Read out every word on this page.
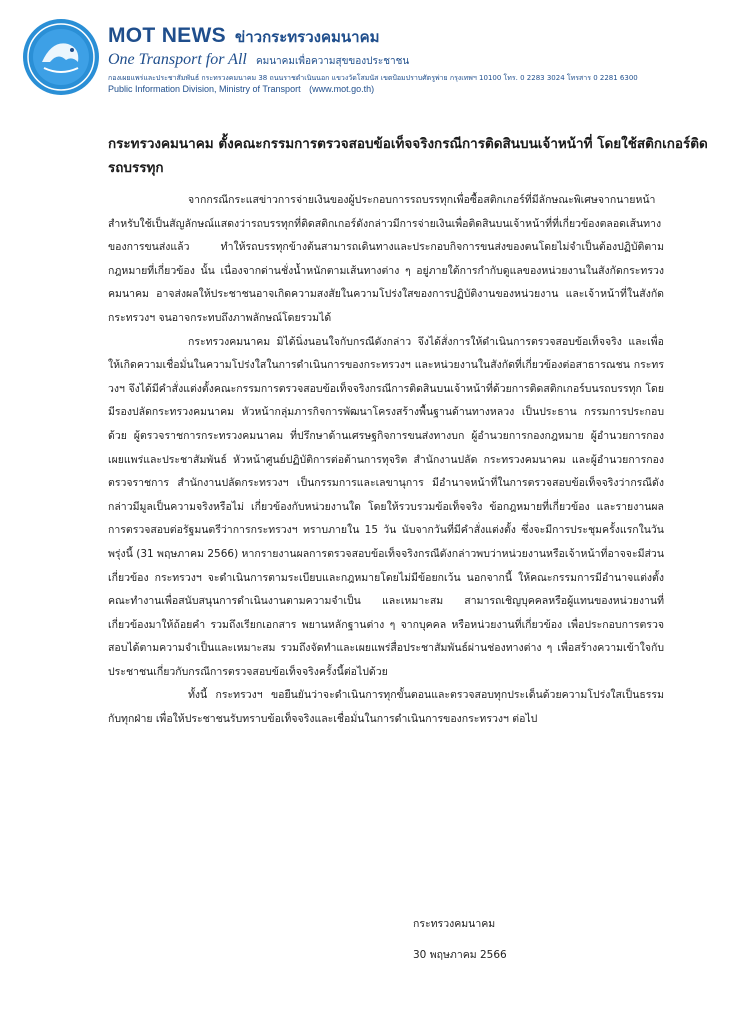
MOT NEWS ข่าวกระทรวงคมนาคม
One Transport for All คมนาคมเพื่อความสุขของประชาชน
กองเผยแพร่และประชาสัมพันธ์ กระทรวงคมนาคม 38 ถนนราชดำเนินนอก แขวงวัดโสมนัส เขตป้อมปราบศัตรูพ่าย กรุงเทพฯ 10100 โทร. 0 2283 3024 โทรสาร 0 2281 6300
Public Information Division, Ministry of Transport (www.mot.go.th)
กระทรวงคมนาคม ตั้งคณะกรรมการตรวจสอบข้อเท็จจริงกรณีการติดสินบนเจ้าหน้าที่ โดยใช้สติกเกอร์ติดรถบรรทุก

จากกรณีกระแสข่าวการจ่ายเงินของผู้ประกอบการรถบรรทุกเพื่อซื้อสติกเกอร์ที่มีลักษณะพิเศษจากนายหน้า สำหรับใช้เป็นสัญลักษณ์แสดงว่ารถบรรทุกที่ติดสติกเกอร์ดังกล่าวมีการจ่ายเงินเพื่อติดสินบนเจ้าหน้าที่ที่เกี่ยวข้องตลอดเส้นทางของการขนส่งแล้ว ทำให้รถบรรทุกข้างต้นสามารถเดินทางและประกอบกิจการขนส่งของตนโดยไม่จำเป็นต้องปฏิบัติตามกฎหมายที่เกี่ยวข้อง นั้น เนื่องจากด่านชั่งน้ำหนักตามเส้นทางต่าง ๆ อยู่ภายใต้การกำกับดูแลของหน่วยงานในสังกัดกระทรวงคมนาคม อาจส่งผลให้ประชาชนอาจเกิดความสงสัยในความโปร่งใสของการปฏิบัติงานของหน่วยงาน และเจ้าหน้าที่ในสังกัดกระทรวงฯ จนอาจกระทบถึงภาพลักษณ์โดยรวมได้

กระทรวงคมนาคม มิได้นิ่งนอนใจกับกรณีดังกล่าว จึงได้สั่งการให้ดำเนินการตรวจสอบข้อเท็จจริง และเพื่อให้เกิดความเชื่อมั่นในความโปร่งใสในการดำเนินการของกระทรวงฯ และหน่วยงานในสังกัดที่เกี่ยวข้องต่อสาธารณชน กระทรวงฯ จึงได้มีคำสั่งแต่งตั้งคณะกรรมการตรวจสอบข้อเท็จจริงกรณีการติดสินบนเจ้าหน้าที่ด้วยการติดสติกเกอร์บนรถบรรทุก โดยมีรองปลัดกระทรวงคมนาคม หัวหน้ากลุ่มภารกิจการพัฒนาโครงสร้างพื้นฐานด้านทางหลวง เป็นประธาน กรรมการประกอบด้วย ผู้ตรวจราชการกระทรวงคมนาคม ที่ปรึกษาด้านเศรษฐกิจการขนส่งทางบก ผู้อำนวยการกองกฎหมาย ผู้อำนวยการกองเผยแพร่และประชาสัมพันธ์ หัวหน้าศูนย์ปฏิบัติการต่อต้านการทุจริต สำนักงานปลัด กระทรวงคมนาคม และผู้อำนวยการกองตรวจราชการ สำนักงานปลัดกระทรวงฯ เป็นกรรมการและเลขานุการ มีอำนาจหน้าที่ในการตรวจสอบข้อเท็จจริงว่ากรณีดังกล่าวมีมูลเป็นความจริงหรือไม่ เกี่ยวข้องกับหน่วยงานใด โดยให้รวบรวมข้อเท็จจริง ข้อกฎหมายที่เกี่ยวข้อง และรายงานผลการตรวจสอบต่อรัฐมนตรีว่าการกระทรวงฯ ทราบภายใน 15 วัน นับจากวันที่มีคำสั่งแต่งตั้ง ซึ่งจะมีการประชุมครั้งแรกในวันพรุ่งนี้ (31 พฤษภาคม 2566) หากรายงานผลการตรวจสอบข้อเท็จจริงกรณีดังกล่าวพบว่าหน่วยงานหรือเจ้าหน้าที่อาจจะมีส่วนเกี่ยวข้อง กระทรวงฯ จะดำเนินการตามระเบียบและกฎหมายโดยไม่มีข้อยกเว้น นอกจากนี้ ให้คณะกรรมการมีอำนาจแต่งตั้งคณะทำงานเพื่อสนับสนุนการดำเนินงานตามความจำเป็น และเหมาะสม สามารถเชิญบุคคลหรือผู้แทนของหน่วยงานที่เกี่ยวข้องมาให้ถ้อยคำ รวมถึงเรียกเอกสาร พยานหลักฐานต่าง ๆ จากบุคคล หรือหน่วยงานที่เกี่ยวข้อง เพื่อประกอบการตรวจสอบได้ตามความจำเป็นและเหมาะสม รวมถึงจัดทำและเผยแพร่สื่อประชาสัมพันธ์ผ่านช่องทางต่าง ๆ เพื่อสร้างความเข้าใจกับประชาชนเกี่ยวกับกรณีการตรวจสอบข้อเท็จจริงครั้งนี้ต่อไปด้วย

ทั้งนี้ กระทรวงฯ ขอยืนยันว่าจะดำเนินการทุกขั้นตอนและตรวจสอบทุกประเด็นด้วยความโปร่งใสเป็นธรรมกับทุกฝ่าย เพื่อให้ประชาชนรับทราบข้อเท็จจริงและเชื่อมั่นในการดำเนินการของกระทรวงฯ ต่อไป

กระทรวงคมนาคม
30 พฤษภาคม 2566
